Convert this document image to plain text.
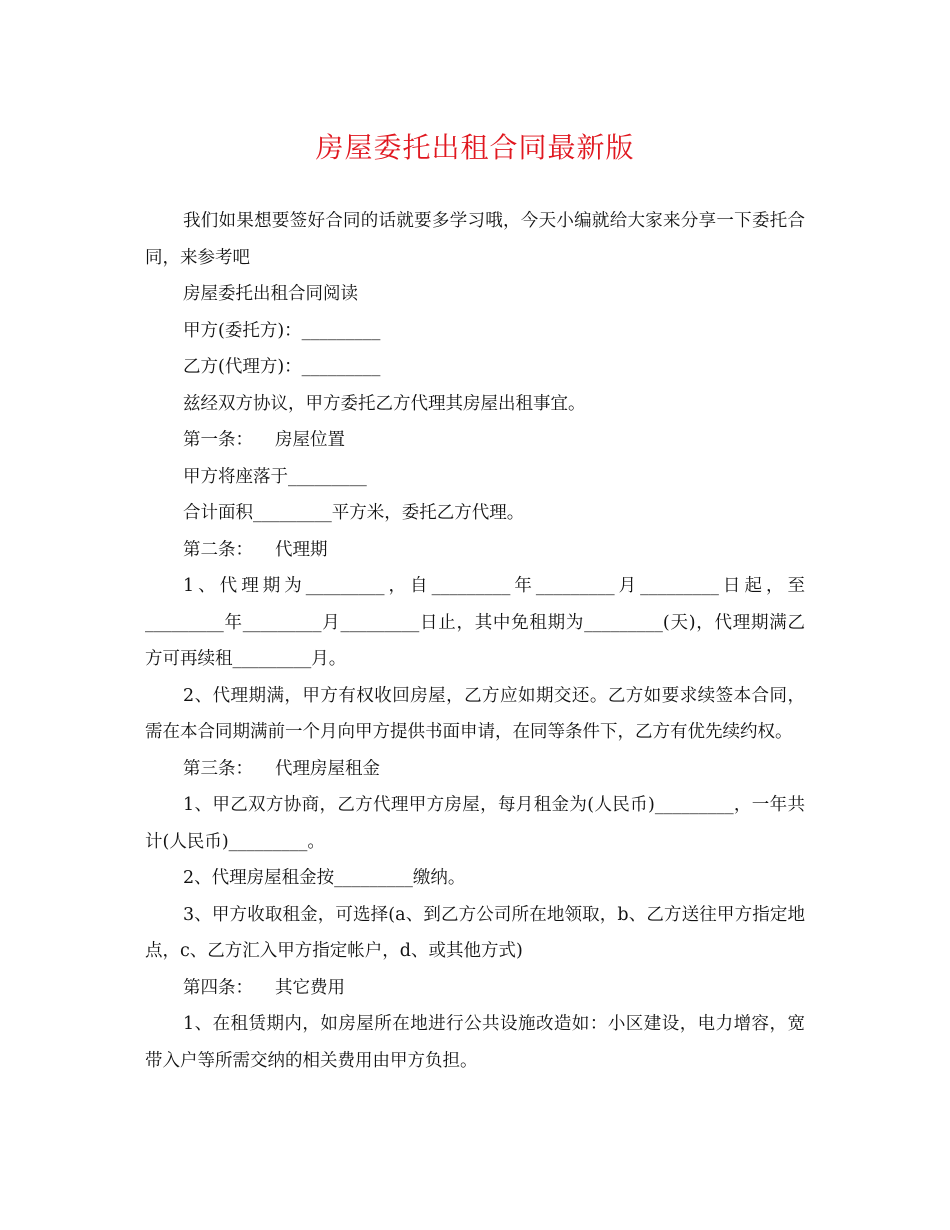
房屋委托出租合同最新版

我们如果想要签好合同的话就要多学习哦，今天小编就给大家来分享一下委托合同，来参考吧

房屋委托出租合同阅读

甲方(委托方)：_________

乙方(代理方)：_________

兹经双方协议，甲方委托乙方代理其房屋出租事宜。

第一条： 房屋位置

甲方将座落于_________

合计面积_________平方米，委托乙方代理。

第二条： 代理期

1、代理期为_________，自_________年_________月_________日起，至_________年_________月_________日止，其中免租期为_________(天)，代理期满乙方可再续租_________月。

2、代理期满，甲方有权收回房屋，乙方应如期交还。乙方如要求续签本合同，需在本合同期满前一个月向甲方提供书面申请，在同等条件下，乙方有优先续约权。

第三条： 代理房屋租金

1、甲乙双方协商，乙方代理甲方房屋，每月租金为(人民币)_________，一年共计(人民币)_________。

2、代理房屋租金按_________缴纳。

3、甲方收取租金，可选择(a、到乙方公司所在地领取，b、乙方送往甲方指定地点，c、乙方汇入甲方指定帐户，d、或其他方式)

第四条： 其它费用

1、在租赁期内，如房屋所在地进行公共设施改造如：小区建设，电力增容，宽带入户等所需交纳的相关费用由甲方负担。
